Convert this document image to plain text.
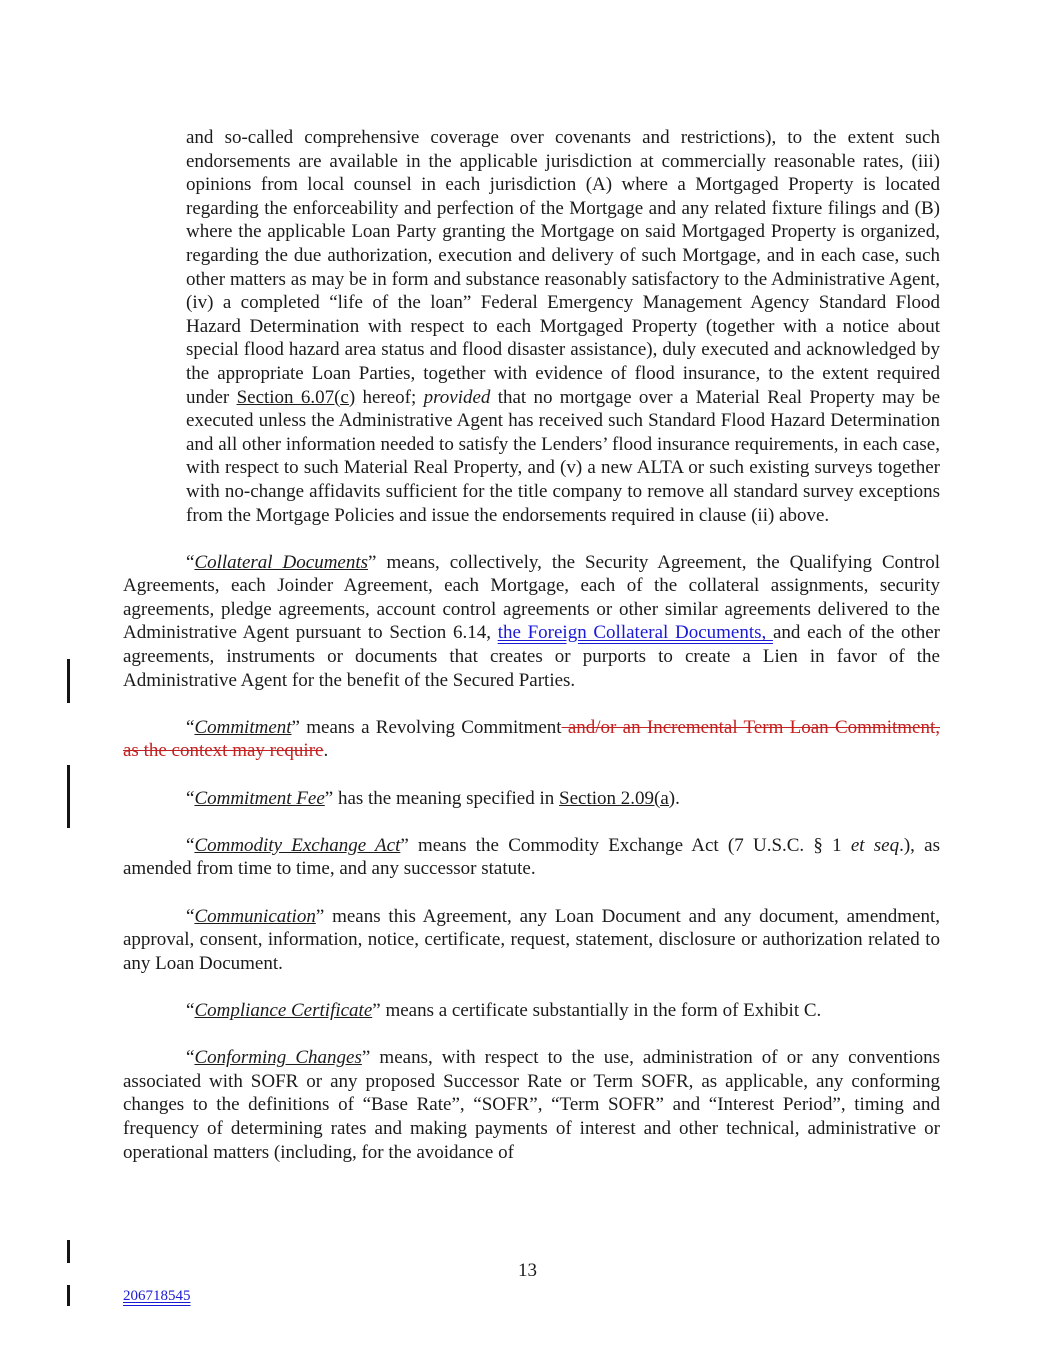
and so-called comprehensive coverage over covenants and restrictions), to the extent such endorsements are available in the applicable jurisdiction at commercially reasonable rates, (iii) opinions from local counsel in each jurisdiction (A) where a Mortgaged Property is located regarding the enforceability and perfection of the Mortgage and any related fixture filings and (B) where the applicable Loan Party granting the Mortgage on said Mortgaged Property is organized, regarding the due authorization, execution and delivery of such Mortgage, and in each case, such other matters as may be in form and substance reasonably satisfactory to the Administrative Agent, (iv) a completed “life of the loan” Federal Emergency Management Agency Standard Flood Hazard Determination with respect to each Mortgaged Property (together with a notice about special flood hazard area status and flood disaster assistance), duly executed and acknowledged by the appropriate Loan Parties, together with evidence of flood insurance, to the extent required under Section 6.07(c) hereof; provided that no mortgage over a Material Real Property may be executed unless the Administrative Agent has received such Standard Flood Hazard Determination and all other information needed to satisfy the Lenders’ flood insurance requirements, in each case, with respect to such Material Real Property, and (v) a new ALTA or such existing surveys together with no-change affidavits sufficient for the title company to remove all standard survey exceptions from the Mortgage Policies and issue the endorsements required in clause (ii) above.

“Collateral Documents” means, collectively, the Security Agreement, the Qualifying Control Agreements, each Joinder Agreement, each Mortgage, each of the collateral assignments, security agreements, pledge agreements, account control agreements or other similar agreements delivered to the Administrative Agent pursuant to Section 6.14, the Foreign Collateral Documents, and each of the other agreements, instruments or documents that creates or purports to create a Lien in favor of the Administrative Agent for the benefit of the Secured Parties.

“Commitment” means a Revolving Commitment and/or an Incremental Term Loan Commitment, as the context may require.

“Commitment Fee” has the meaning specified in Section 2.09(a).

“Commodity Exchange Act” means the Commodity Exchange Act (7 U.S.C. § 1 et seq.), as amended from time to time, and any successor statute.

“Communication” means this Agreement, any Loan Document and any document, amendment, approval, consent, information, notice, certificate, request, statement, disclosure or authorization related to any Loan Document.

“Compliance Certificate” means a certificate substantially in the form of Exhibit C.

“Conforming Changes” means, with respect to the use, administration of or any conventions associated with SOFR or any proposed Successor Rate or Term SOFR, as applicable, any conforming changes to the definitions of “Base Rate”, “SOFR”, “Term SOFR” and “Interest Period”, timing and frequency of determining rates and making payments of interest and other technical, administrative or operational matters (including, for the avoidance of

13
206718545
